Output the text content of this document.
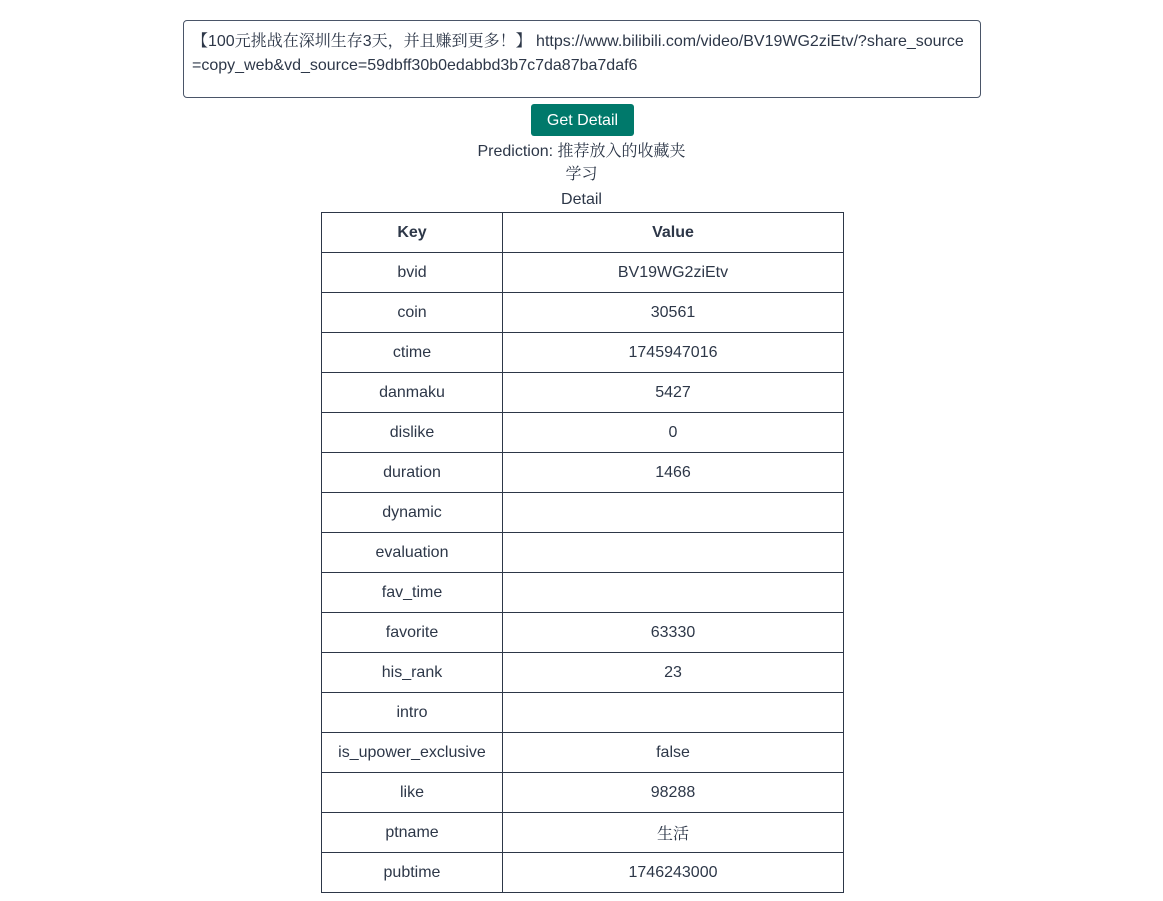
【100元挑战在深圳生存3天，并且赚到更多！】 https://www.bilibili.com/video/BV19WG2ziEtv/?share_source=copy_web&vd_source=59dbff30b0edabbd3b7c7da87ba7daf6
Get Detail
Prediction: 推荐放入的收藏夹
学习
Detail
Key	Value
bvid	BV19WG2ziEtv
coin	30561
ctime	1745947016
danmaku	5427
dislike	0
duration	1466
dynamic	
evaluation	
fav_time	
favorite	63330
his_rank	23
intro	
is_upower_exclusive	false
like	98288
ptname	生活
pubtime	1746243000
